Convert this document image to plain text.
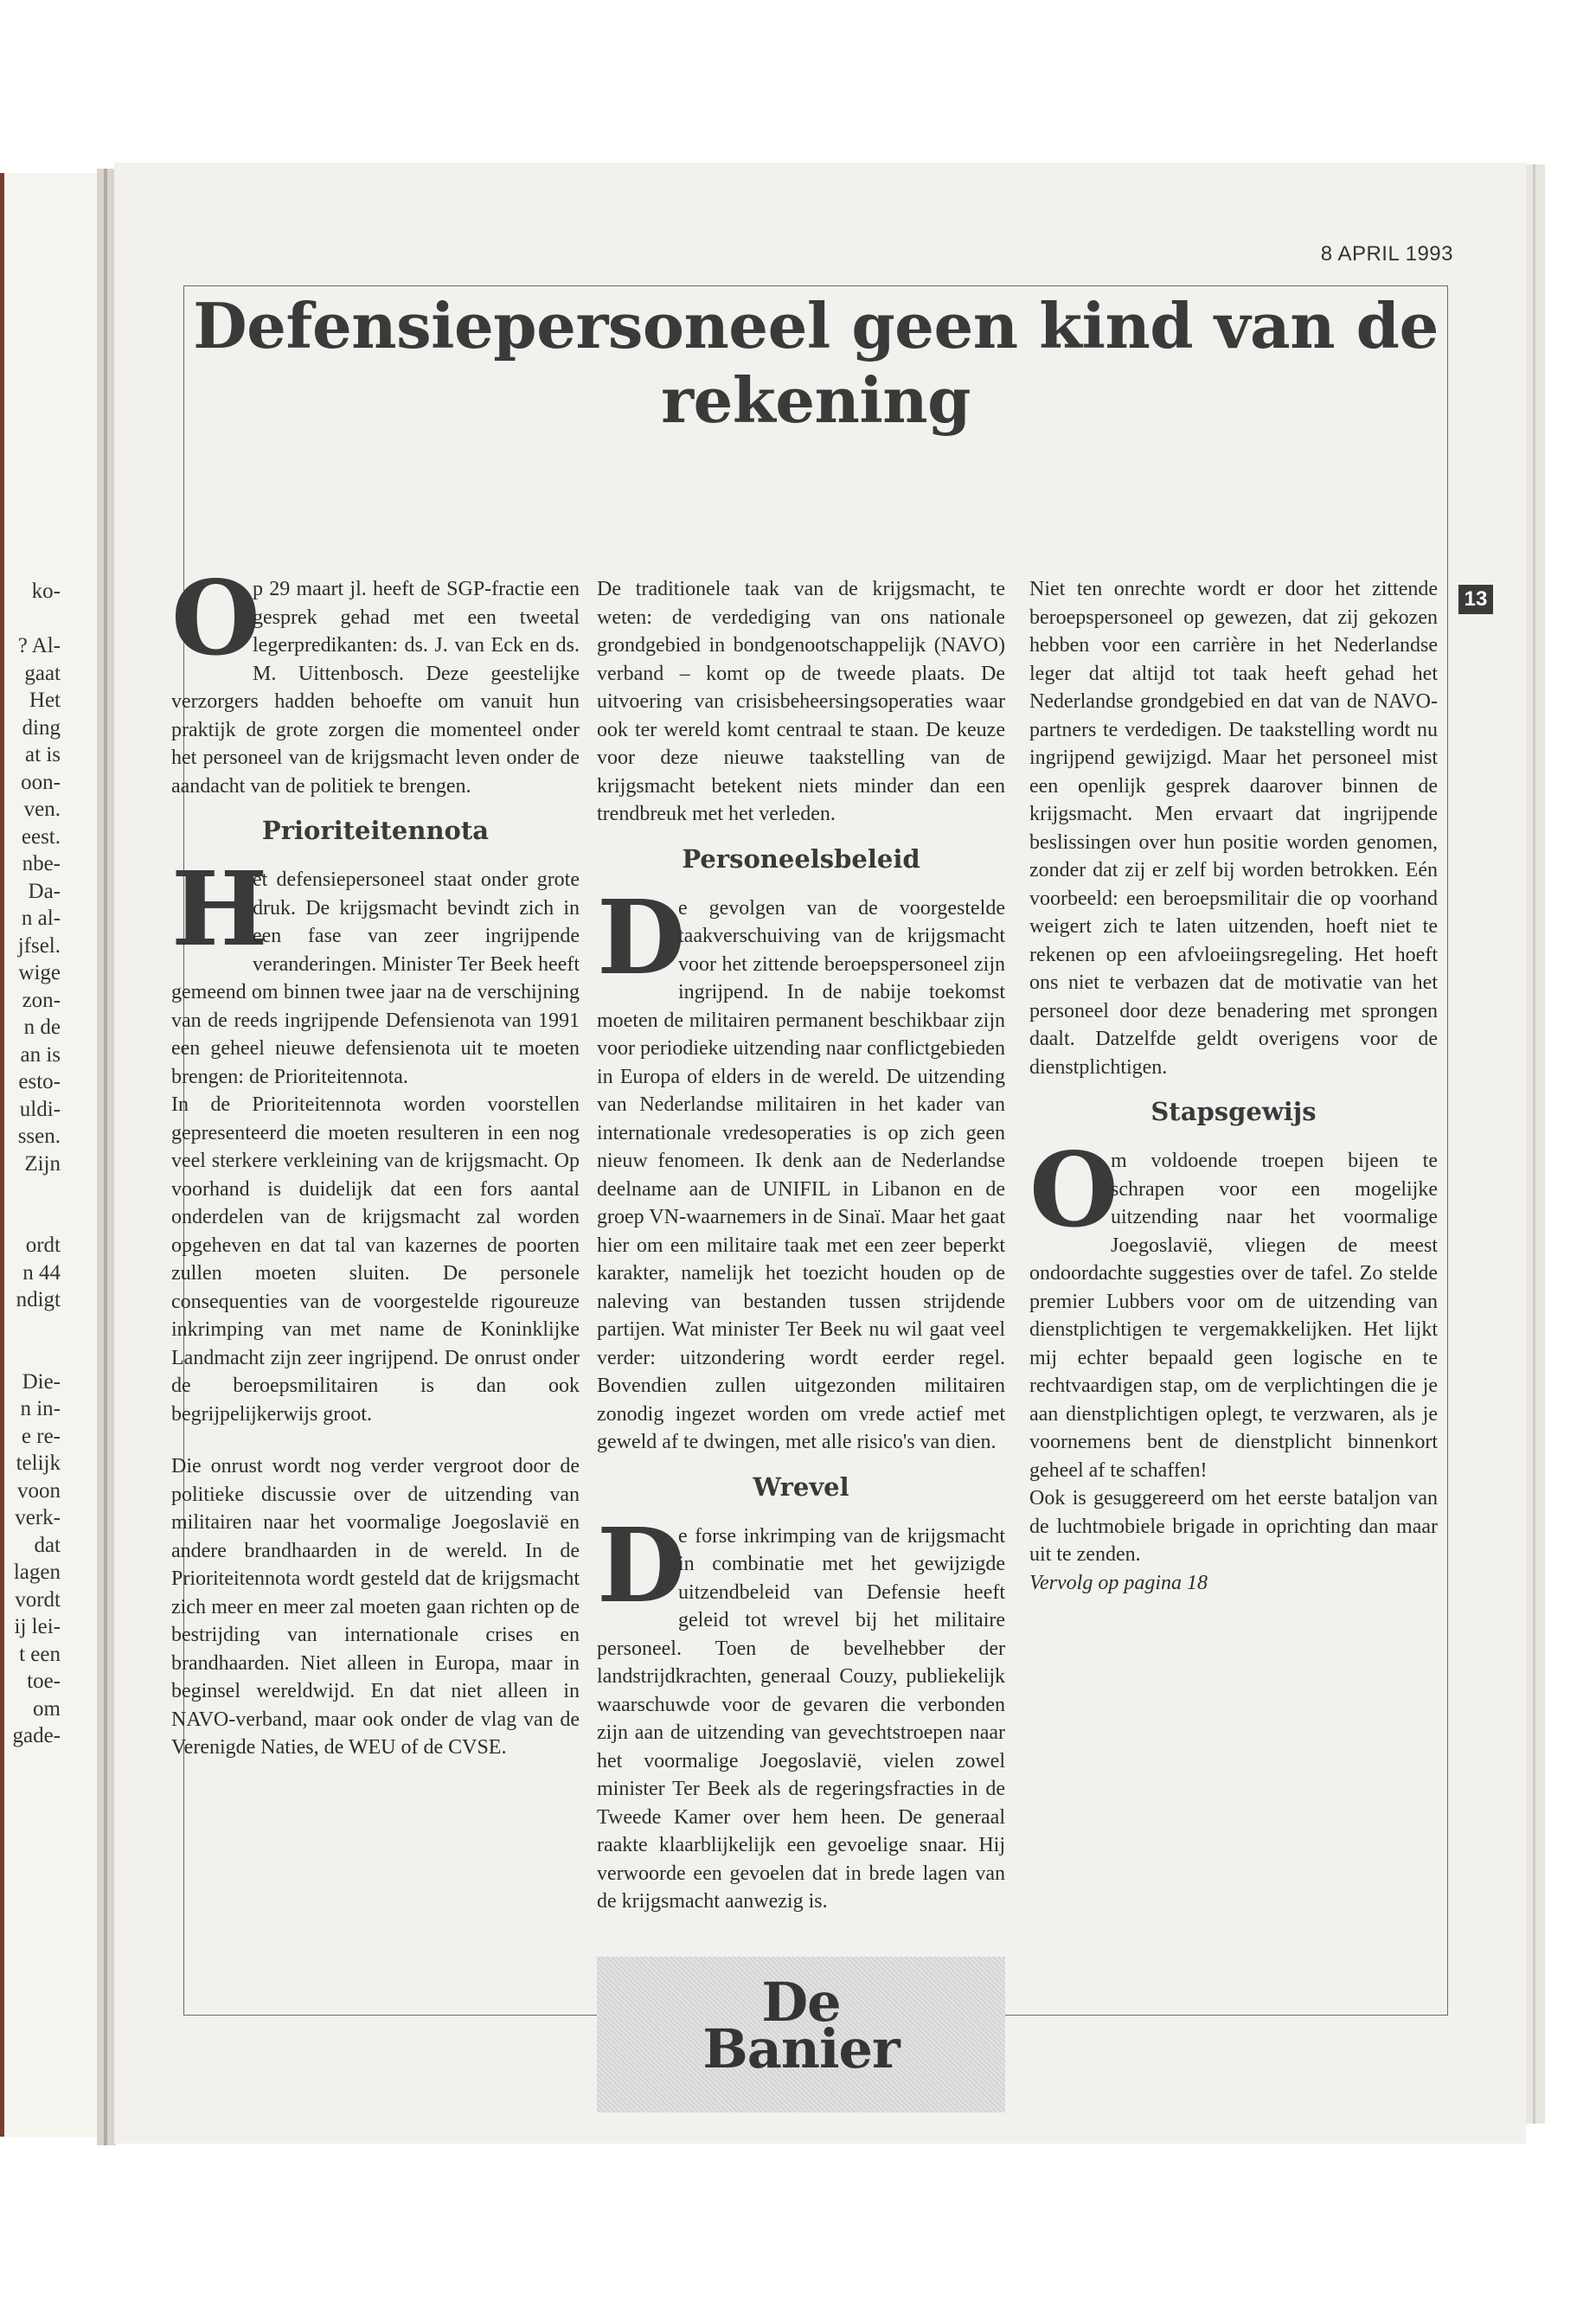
ko-
? Al-
gaat
Het
ding
at is
oon-
ven.
eest.
nbe-
Da-
n al-
jfsel.
wige
zon-
n de
an is
esto-
uldi-
ssen.
Zijn
ordt
n 44
ndigt
Die-
n in-
e re-
telijk
voon
verk-
dat
lagen
vordt
ij lei-
t een
toe-
om
gade-
8 APRIL 1993
Defensiepersoneel geen kind van de rekening
13

O
p 29 maart jl. heeft de SGP-fractie een gesprek gehad met een tweetal legerpredikanten: ds. J. van Eck en ds. M. Uittenbosch. Deze geestelijke verzorgers hadden behoefte om vanuit hun praktijk de grote zorgen die momenteel onder het personeel van de krijgsmacht leven onder de aandacht van de politiek te brengen.

Prioriteitennota

H
et defensiepersoneel staat onder grote druk. De krijgsmacht bevindt zich in een fase van zeer ingrijpende veranderingen. Minister Ter Beek heeft gemeend om binnen twee jaar na de verschijning van de reeds ingrijpende Defensienota van 1991 een geheel nieuwe defensienota uit te moeten brengen: de Prioriteitennota.

In de Prioriteitennota worden voorstellen gepresenteerd die moeten resulteren in een nog veel sterkere verkleining van de krijgsmacht. Op voorhand is duidelijk dat een fors aantal onderdelen van de krijgsmacht zal worden opgeheven en dat tal van kazernes de poorten zullen moeten sluiten. De personele consequenties van de voorgestelde rigoureuze inkrimping van met name de Koninklijke Landmacht zijn zeer ingrijpend. De onrust onder de beroepsmilitairen is dan ook begrijpelijkerwijs groot.

Die onrust wordt nog verder vergroot door de politieke discussie over de uitzending van militairen naar het voormalige Joegoslavië en andere brandhaarden in de wereld. In de Prioriteitennota wordt gesteld dat de krijgsmacht zich meer en meer zal moeten gaan richten op de bestrijding van internationale crises en brandhaarden. Niet alleen in Europa, maar in beginsel wereldwijd. En dat niet alleen in NAVO-verband, maar ook onder de vlag van de Verenigde Naties, de WEU of de CVSE.

De traditionele taak van de krijgsmacht, te weten: de verdediging van ons nationale grondgebied in bondgenootschappelijk (NAVO) verband – komt op de tweede plaats. De uitvoering van crisisbeheersingsoperaties waar ook ter wereld komt centraal te staan. De keuze voor deze nieuwe taakstelling van de krijgsmacht betekent niets minder dan een trendbreuk met het verleden.

Personeelsbeleid

D
e gevolgen van de voorgestelde taakverschuiving van de krijgsmacht voor het zittende beroepspersoneel zijn ingrijpend. In de nabije toekomst moeten de militairen permanent beschikbaar zijn voor periodieke uitzending naar conflictgebieden in Europa of elders in de wereld. De uitzending van Nederlandse militairen in het kader van internationale vredesoperaties is op zich geen nieuw fenomeen. Ik denk aan de Nederlandse deelname aan de UNIFIL in Libanon en de groep VN-waarnemers in de Sinaï. Maar het gaat hier om een militaire taak met een zeer beperkt karakter, namelijk het toezicht houden op de naleving van bestanden tussen strijdende partijen. Wat minister Ter Beek nu wil gaat veel verder: uitzondering wordt eerder regel. Bovendien zullen uitgezonden militairen zonodig ingezet worden om vrede actief met geweld af te dwingen, met alle risico's van dien.

Wrevel

D
e forse inkrimping van de krijgsmacht in combinatie met het gewijzigde uitzendbeleid van Defensie heeft geleid tot wrevel bij het militaire personeel. Toen de bevelhebber der landstrijdkrachten, generaal Couzy, publiekelijk waarschuwde voor de gevaren die verbonden zijn aan de uitzending van gevechtstroepen naar het voormalige Joegoslavië, vielen zowel minister Ter Beek als de regeringsfracties in de Tweede Kamer over hem heen. De generaal raakte klaarblijkelijk een gevoelige snaar. Hij verwoorde een gevoelen dat in brede lagen van de krijgsmacht aanwezig is.

Niet ten onrechte wordt er door het zittende beroepspersoneel op gewezen, dat zij gekozen hebben voor een carrière in het Nederlandse leger dat altijd tot taak heeft gehad het Nederlandse grondgebied en dat van de NAVO-partners te verdedigen. De taakstelling wordt nu ingrijpend gewijzigd. Maar het personeel mist een openlijk gesprek daarover binnen de krijgsmacht. Men ervaart dat ingrijpende beslissingen over hun positie worden genomen, zonder dat zij er zelf bij worden betrokken. Eén voorbeeld: een beroepsmilitair die op voorhand weigert zich te laten uitzenden, hoeft niet te rekenen op een afvloeiingsregeling. Het hoeft ons niet te verbazen dat de motivatie van het personeel door deze benadering met sprongen daalt. Datzelfde geldt overigens voor de dienstplichtigen.

Stapsgewijs

O
m voldoende troepen bijeen te schrapen voor een mogelijke uitzending naar het voormalige Joegoslavië, vliegen de meest ondoordachte suggesties over de tafel. Zo stelde premier Lubbers voor om de uitzending van dienstplichtigen te vergemakkelijken. Het lijkt mij echter bepaald geen logische en te rechtvaardigen stap, om de verplichtingen die je aan dienstplichtigen oplegt, te verzwaren, als je voornemens bent de dienstplicht binnenkort geheel af te schaffen!

Ook is gesuggereerd om het eerste bataljon van de luchtmobiele brigade in oprichting dan maar uit te zenden.

Vervolg op pagina 18

De
Banier
